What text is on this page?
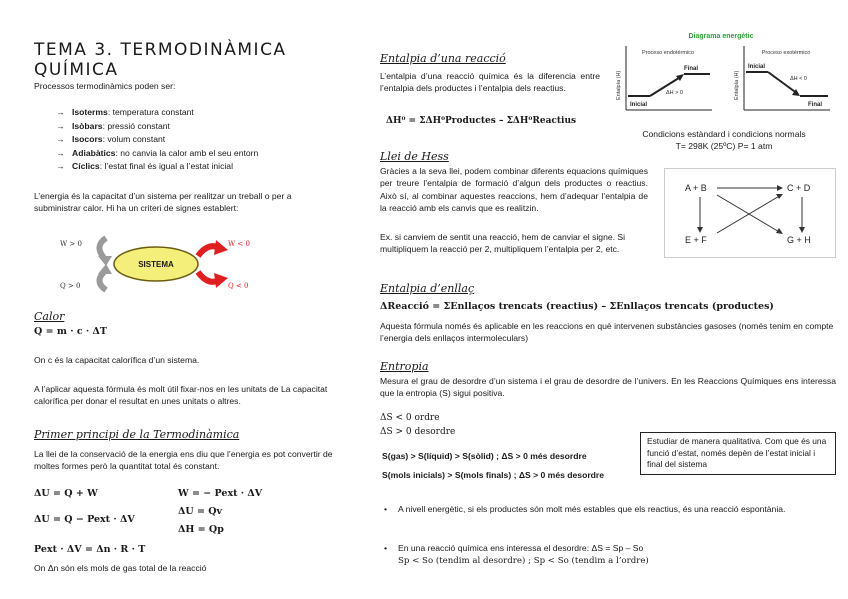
TEMA 3. TERMODINÀMICA QUÍMICA
Processos termodinàmics poden ser:
→ Isoterms: temperatura constant
→ Isòbars: pressió constant
→ Isocors: volum constant
→ Adiabàtics: no canvia la calor amb el seu entorn
→ Cíclics: l’estat final és igual a l’estat inicial
L’energia és la capacitat d’un sistema per realitzar un treball o per a subministrar calor. Hi ha un criteri de signes establert:
SISTEMA
W > 0
Q > 0
W < 0
Q < 0
Calor
Q = m · c · ΔT
On c és la capacitat calorífica d’un sistema.
A l’aplicar aquesta fórmula és molt útil fixar-nos en les unitats de La capacitat calorífica per donar el resultat en unes unitats o altres.
Primer principi de la Termodinàmica
La llei de la conservació de la energia ens diu que l’energia es pot convertir de moltes formes però la quantitat total és constant.
ΔU = Q + W
ΔU = Q − Pext · ΔV
W = − Pext · ΔV
ΔU = Qv
ΔH = Qp
Pext · ΔV = Δn · R · T
On Δn són els mols de gas total de la reacció
Entalpia d’una reacció
L’entalpia d’una reacció química és la diferencia entre l’entalpia dels productes i l’entalpia dels reactius.
ΔH⁰ = ΣΔH⁰Productes – ΣΔH⁰Reactius
Diagrama energètic
Entalpía (H)
Proceso endotérmico
Final
Inicial
ΔH > 0	Entalpía (H)
Proceso exotérmico
Inicial
Final
ΔH < 0
Condicions estàndard i condicions normals
T= 298K (25ºC) P= 1 atm
Llei de Hess
Gràcies a la seva llei, podem combinar diferents equacions químiques per treure l’entalpia de formació d’algun dels productes o reactius. Això sí, al combinar aquestes reaccions, hem d’adequar l’entalpia de la reacció amb els canvis que es realitzin.
Ex. si canviem de sentit una reacció, hem de canviar el signe. Si multipliquem la reacció per 2, multipliquem l’entalpia per 2, etc.
A + B	C + D
E + F	G + H
Entalpia d’enllaç
ΔReacció = ΣEnllaços trencats (reactius) – ΣEnllaços trencats (productes)
Aquesta fórmula només és aplicable en les reaccions en què intervenen substàncies gasoses (només tenim en compte l’energia dels enllaços intermoleculars)
Entropia
Mesura el grau de desordre d’un sistema i el grau de desordre de l’univers. En les Reaccions Químiques ens interessa que la entropia (S) sigui positiva.
ΔS < 0 ordre
ΔS > 0 desordre
S(gas) > S(líquid) > S(sòlid) ; ΔS > 0 més desordre
S(mols inicials) > S(mols finals) ; ΔS > 0 més desordre
Estudiar de manera qualitativa. Com que és una funció d’estat, només depèn de l’estat inicial i final del sistema
• A nivell energètic, si els productes són molt més estables que els reactius, és una reacció espontània.
• En una reacció química ens interessa el desordre: ΔS = Sp – So
Sp < So (tendim al desordre) ; Sp < So (tendim a l’ordre)
